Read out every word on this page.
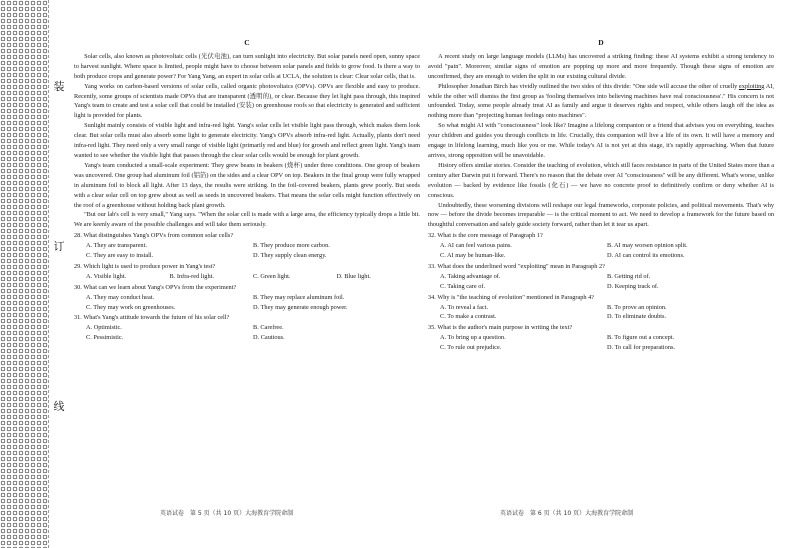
装
订
线
C

Solar cells, also known as photovoltaic cells (光伏电池), can turn sunlight into electricity. But solar panels need open, sunny space to harvest sunlight. Where space is limited, people might have to choose between solar panels and fields to grow food. Is there a way to both produce crops and generate power? For Yang Yang, an expert in solar cells at UCLA, the solution is clear: Clear solar cells, that is.

Yang works on carbon-based versions of solar cells, called organic photovoltaics (OPVs). OPVs are flexible and easy to produce. Recently, some groups of scientists made OPVs that are transparent (透明的), or clear. Because they let light pass through, this inspired Yang's team to create and test a solar cell that could be installed (安装) on greenhouse roofs so that electricity is generated and sufficient light is provided for plants.

Sunlight mainly consists of visible light and infra-red light. Yang's solar cells let visible light pass through, which makes them look clear. But solar cells must also absorb some light to generate electricity. Yang's OPVs absorb infra-red light. Actually, plants don't need infra-red light. They need only a very small range of visible light (primarily red and blue) for growth and reflect green light. Yang's team wanted to see whether the visible light that passes through the clear solar cells would be enough for plant growth.

Yang's team conducted a small-scale experiment: They grew beans in beakers (烧杯) under three conditions. One group of beakers was uncovered. One group had aluminum foil (铝箔) on the sides and a clear OPV on top. Beakers in the final group were fully wrapped in aluminum foil to block all light. After 13 days, the results were striking. In the foil-covered beakers, plants grew poorly. But seeds with a clear solar cell on top grew about as well as seeds in uncovered beakers. That means the solar cells might function effectively on the roof of a greenhouse without holding back plant growth.

"But our lab's cell is very small," Yang says. "When the solar cell is made with a large area, the efficiency typically drops a little bit. We are keenly aware of the possible challenges and will take them seriously.

28. What distinguishes Yang's OPVs from common solar cells?
A. They are transparent.	B. They produce more carbon.
C. They are easy to install.	D. They supply clean energy.
29. Which light is used to produce power in Yang's test?
A. Visible light.	B. Infra-red light.	C. Green light.	D. Blue light.
30. What can we learn about Yang's OPVs from the experiment?
A. They may conduct heat.	B. They may replace aluminum foil.
C. They may work on greenhouses.	D. They may generate enough power.
31. What's Yang's attitude towards the future of his solar cell?
A. Optimistic.	B. Carefree.
C. Pessimistic.	D. Cautious.
D

A recent study on large language models (LLMs) has uncovered a striking finding: these AI systems exhibit a strong tendency to avoid "pain". Moreover, similar signs of emotion are popping up more and more frequently. Though these signs of emotion are unconfirmed, they are enough to widen the split in our existing cultural divide.

Philosopher Jonathan Birch has vividly outlined the two sides of this divide: "One side will accuse the other of cruelly exploiting AI, while the other will dismiss the first group as 'fooling themselves into believing machines have real consciousness'." His concern is not unfounded. Today, some people already treat AI as family and argue it deserves rights and respect, while others laugh off the idea as nothing more than "projecting human feelings onto machines".

So what might AI with "consciousness" look like? Imagine a lifelong companion or a friend that advises you on everything, teaches your children and guides you through conflicts in life. Crucially, this companion will live a life of its own. It will have a memory and engage in lifelong learning, much like you or me. While today's AI is not yet at this stage, it's rapidly approaching. When that future arrives, strong opposition will be unavoidable.

History offers similar stories. Consider the teaching of evolution, which still faces resistance in parts of the United States more than a century after Darwin put it forward. There's no reason that the debate over AI "consciousness" will be any different. What's worse, unlike evolution — backed by evidence like fossils (化石) — we have no concrete proof to definitively confirm or deny whether AI is conscious.

Undoubtedly, these worsening divisions will reshape our legal frameworks, corporate policies, and political movements. That's why now — before the divide becomes irreparable — is the critical moment to act. We need to develop a framework for the future based on thoughtful conversation and safely guide society forward, rather than let it tear us apart.

32. What is the core message of Paragraph 1?
A. AI can feel various pains.	B. AI may worsen opinion split.
C. AI may be human-like.	D. AI can control its emotions.
33. What does the underlined word "exploiting" mean in Paragraph 2?
A. Taking advantage of.	B. Getting rid of.
C. Taking care of.	D. Keeping track of.
34. Why is "the teaching of evolution" mentioned in Paragraph 4?
A. To reveal a fact.	B. To prove an opinion.
C. To make a contrast.	D. To eliminate doubts.
35. What is the author's main purpose in writing the text?
A. To bring up a question.	B. To figure out a concept.
C. To rule out prejudice.	D. To call for preparations.
英语试卷　第 5 页（共 10 页）大海教育学院命制	英语试卷　第 6 页（共 10 页）大海教育学院命制
